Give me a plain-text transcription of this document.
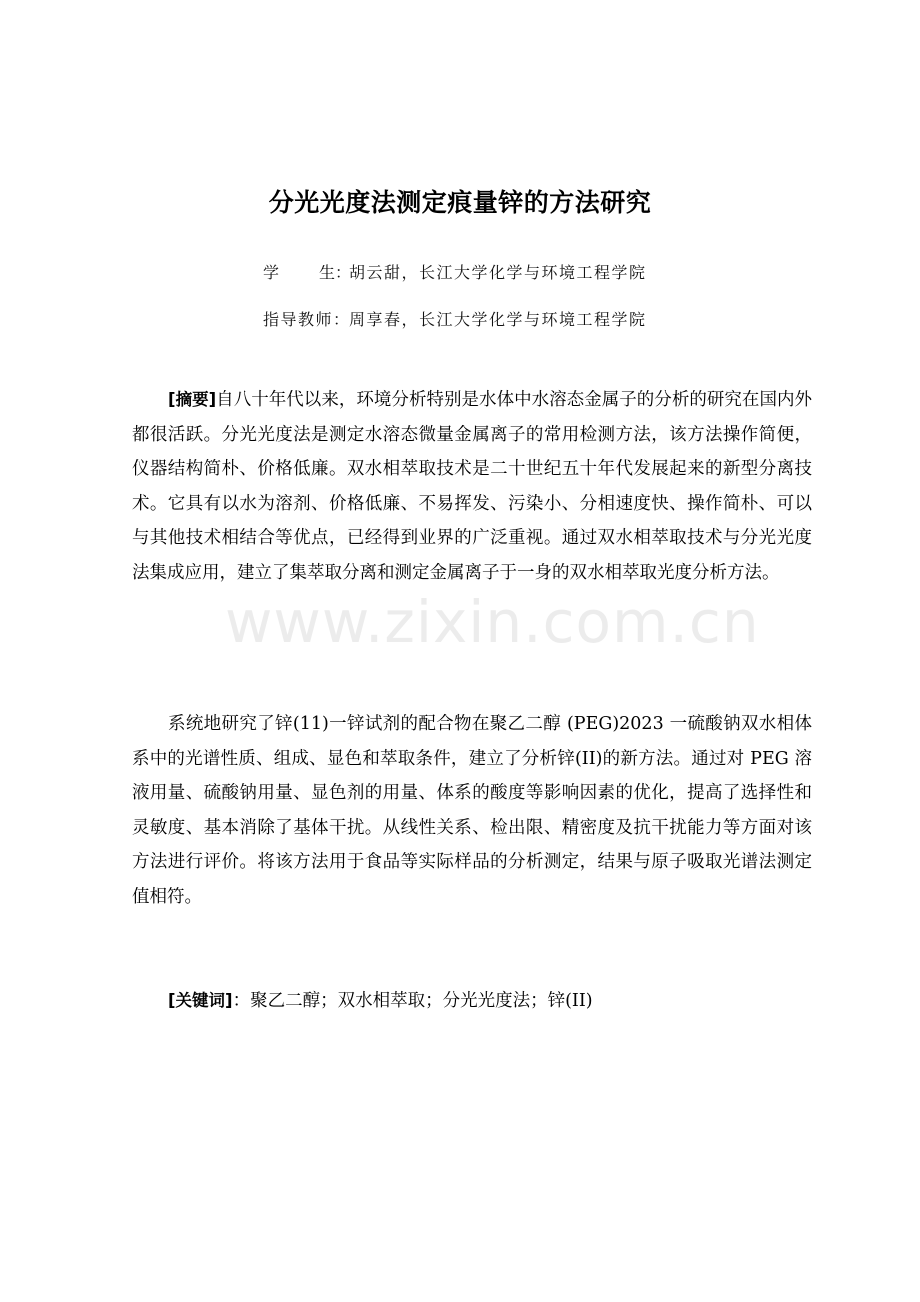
www.zixin.com.cn
分光光度法测定痕量锌的方法研究
学 生：胡云甜，长江大学化学与环境工程学院
指导教师：周享春，长江大学化学与环境工程学院

[摘要]自八十年代以来，环境分析特别是水体中水溶态金属子的分析的研究在国内外都很活跃。分光光度法是测定水溶态微量金属离子的常用检测方法，该方法操作简便，仪器结构简朴、价格低廉。双水相萃取技术是二十世纪五十年代发展起来的新型分离技术。它具有以水为溶剂、价格低廉、不易挥发、污染小、分相速度快、操作简朴、可以与其他技术相结合等优点，已经得到业界的广泛重视。通过双水相萃取技术与分光光度法集成应用，建立了集萃取分离和测定金属离子于一身的双水相萃取光度分析方法。

系统地研究了锌(11)一锌试剂的配合物在聚乙二醇 (PEG)2023 一硫酸钠双水相体系中的光谱性质、组成、显色和萃取条件，建立了分析锌(II)的新方法。通过对 PEG 溶液用量、硫酸钠用量、显色剂的用量、体系的酸度等影响因素的优化，提高了选择性和灵敏度、基本消除了基体干扰。从线性关系、检出限、精密度及抗干扰能力等方面对该方法进行评价。将该方法用于食品等实际样品的分析测定，结果与原子吸取光谱法测定值相符。

[关键词]：聚乙二醇；双水相萃取；分光光度法；锌(II)
